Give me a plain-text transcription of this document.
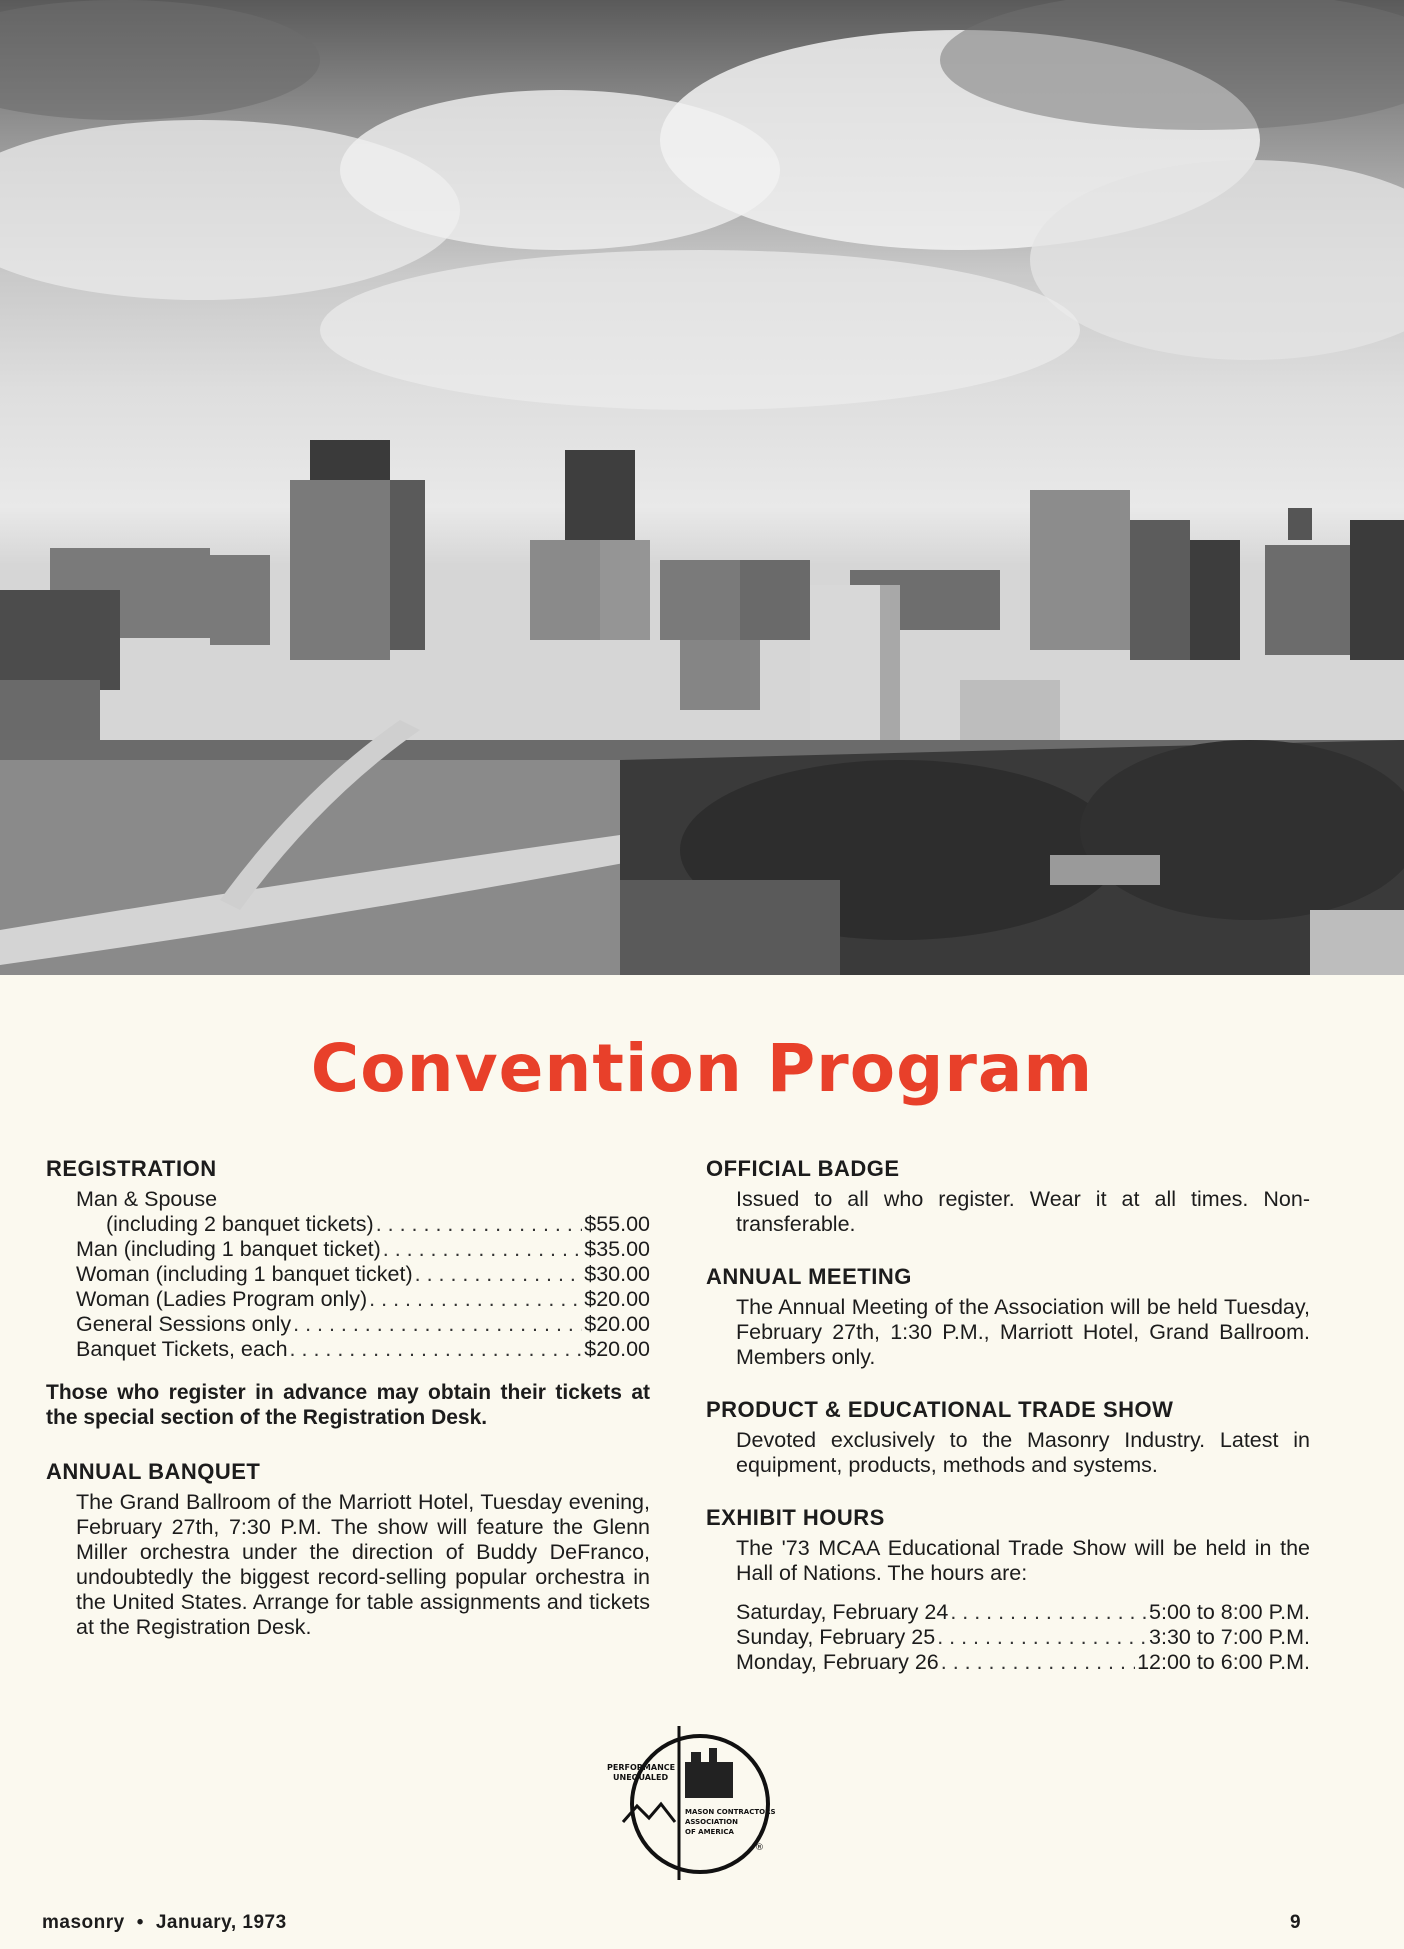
Convention Program
REGISTRATION
Man & Spouse
(including 2 banquet tickets) . . .	$55.00
Man (including 1 banquet ticket) . . .	$35.00
Woman (including 1 banquet ticket) . . .	$30.00
Woman (Ladies Program only) . . .	$20.00
General Sessions only . . .	$20.00
Banquet Tickets, each . . .	$20.00

Those who register in advance may obtain their tickets at the special section of the Registration Desk.

ANNUAL BANQUET

The Grand Ballroom of the Marriott Hotel, Tuesday evening, February 27th, 7:30 P.M. The show will feature the Glenn Miller orchestra under the direction of Buddy DeFranco, undoubtedly the biggest record-selling popular orchestra in the United States. Arrange for table assignments and tickets at the Registration Desk.

OFFICIAL BADGE

Issued to all who register. Wear it at all times. Non-transferable.

ANNUAL MEETING

The Annual Meeting of the Association will be held Tuesday, February 27th, 1:30 P.M., Marriott Hotel, Grand Ballroom. Members only.

PRODUCT & EDUCATIONAL TRADE SHOW

Devoted exclusively to the Masonry Industry. Latest in equipment, products, methods and systems.

EXHIBIT HOURS

The '73 MCAA Educational Trade Show will be held in the Hall of Nations. The hours are:

Saturday, February 24 . . .	5:00 to 8:00 P.M.
Sunday, February 25 . . .	3:30 to 7:00 P.M.
Monday, February 26 . . .	12:00 to 6:00 P.M.
PERFORMANCE
UNEQUALED
MASON CONTRACTORS
ASSOCIATION
OF AMERICA
®
masonry • January, 1973	9
